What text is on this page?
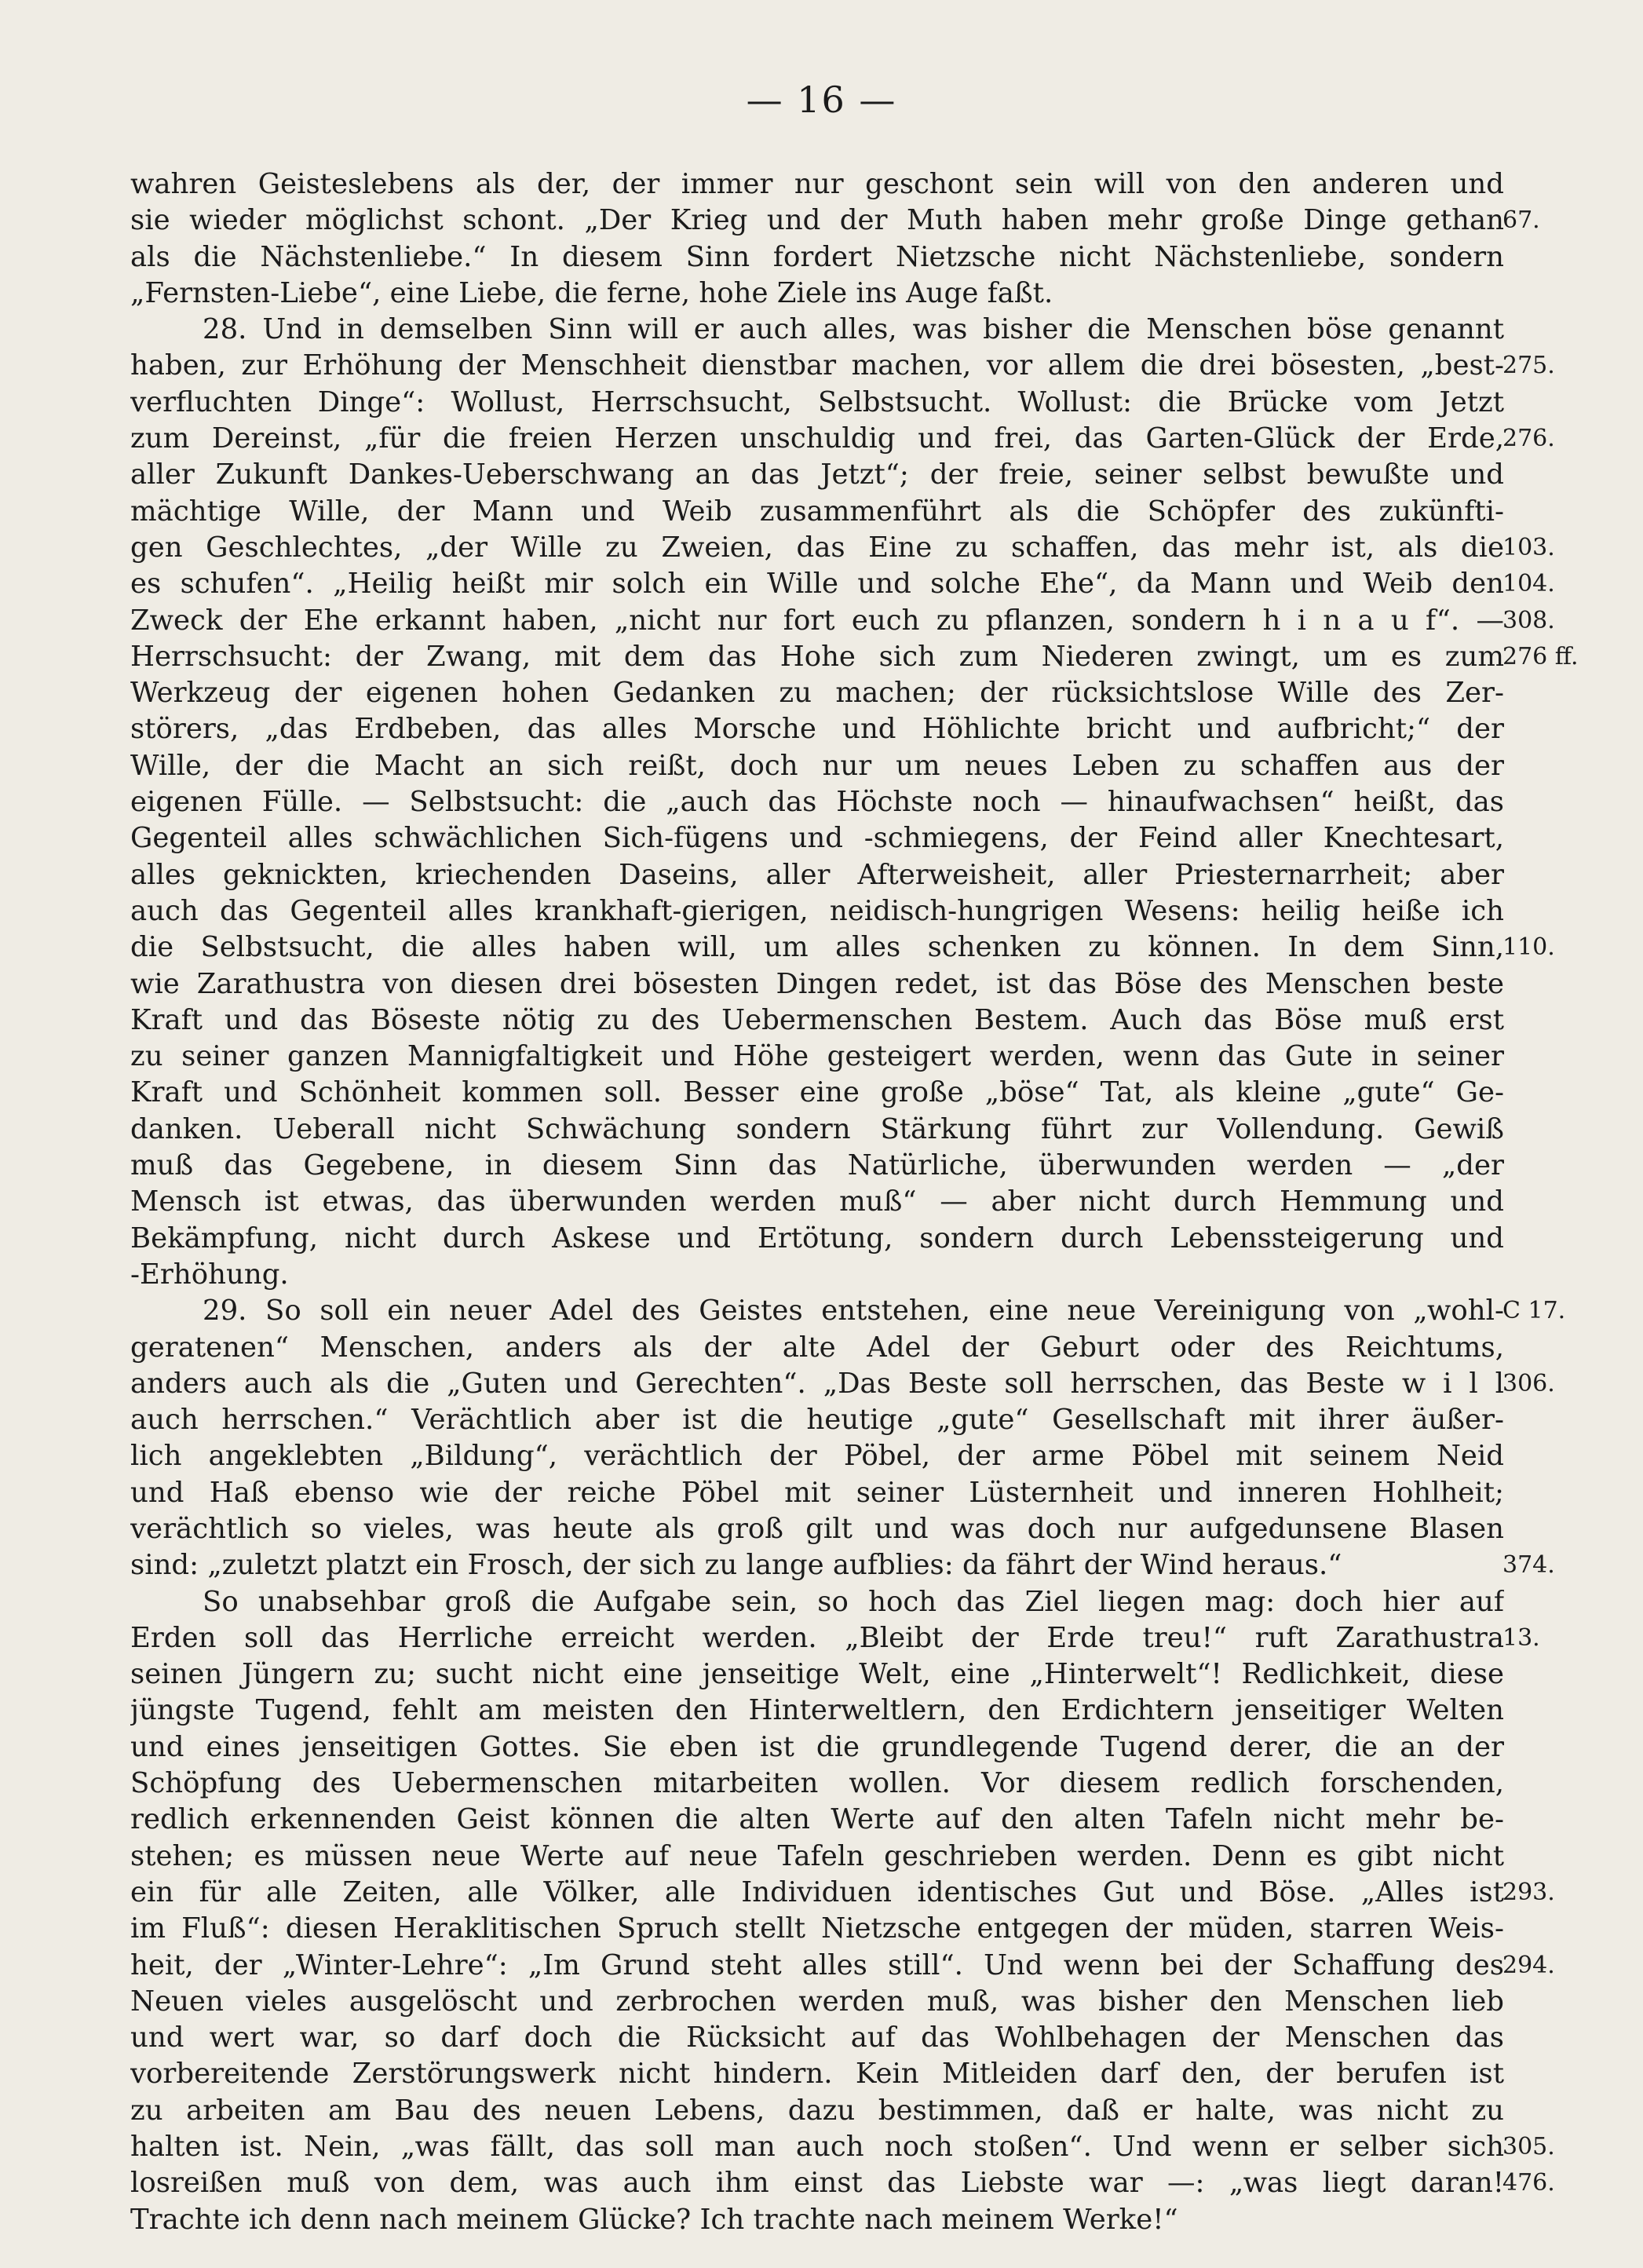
— 16 —
wahren Geisteslebens als der, der immer nur geschont sein will von den anderen und
sie wieder möglichst schont. „Der Krieg und der Muth haben mehr große Dinge gethan
als die Nächstenliebe.“ In diesem Sinn fordert Nietzsche nicht Nächstenliebe, sondern
„Fernsten-Liebe“, eine Liebe, die ferne, hohe Ziele ins Auge faßt.
28. Und in demselben Sinn will er auch alles, was bisher die Menschen böse genannt
haben, zur Erhöhung der Menschheit dienstbar machen, vor allem die drei bösesten, „best-
verfluchten Dinge“: Wollust, Herrschsucht, Selbstsucht. Wollust: die Brücke vom Jetzt
zum Dereinst, „für die freien Herzen unschuldig und frei, das Garten-Glück der Erde,
aller Zukunft Dankes-Ueberschwang an das Jetzt“; der freie, seiner selbst bewußte und
mächtige Wille, der Mann und Weib zusammenführt als die Schöpfer des zukünfti-
gen Geschlechtes, „der Wille zu Zweien, das Eine zu schaffen, das mehr ist, als die
es schufen“. „Heilig heißt mir solch ein Wille und solche Ehe“, da Mann und Weib den
Zweck der Ehe erkannt haben, „nicht nur fort euch zu pflanzen, sondern h i n a u f“. —
Herrschsucht: der Zwang, mit dem das Hohe sich zum Niederen zwingt, um es zum
Werkzeug der eigenen hohen Gedanken zu machen; der rücksichtslose Wille des Zer-
störers, „das Erdbeben, das alles Morsche und Höhlichte bricht und aufbricht;“ der
Wille, der die Macht an sich reißt, doch nur um neues Leben zu schaffen aus der
eigenen Fülle. — Selbstsucht: die „auch das Höchste noch — hinaufwachsen“ heißt, das
Gegenteil alles schwächlichen Sich-fügens und -schmiegens, der Feind aller Knechtesart,
alles geknickten, kriechenden Daseins, aller Afterweisheit, aller Priesternarrheit; aber
auch das Gegenteil alles krankhaft-gierigen, neidisch-hungrigen Wesens: heilig heiße ich
die Selbstsucht, die alles haben will, um alles schenken zu können. In dem Sinn,
wie Zarathustra von diesen drei bösesten Dingen redet, ist das Böse des Menschen beste
Kraft und das Böseste nötig zu des Uebermenschen Bestem. Auch das Böse muß erst
zu seiner ganzen Mannigfaltigkeit und Höhe gesteigert werden, wenn das Gute in seiner
Kraft und Schönheit kommen soll. Besser eine große „böse“ Tat, als kleine „gute“ Ge-
danken. Ueberall nicht Schwächung sondern Stärkung führt zur Vollendung. Gewiß
muß das Gegebene, in diesem Sinn das Natürliche, überwunden werden — „der
Mensch ist etwas, das überwunden werden muß“ — aber nicht durch Hemmung und
Bekämpfung, nicht durch Askese und Ertötung, sondern durch Lebenssteigerung und
-Erhöhung.
29. So soll ein neuer Adel des Geistes entstehen, eine neue Vereinigung von „wohl-
geratenen“ Menschen, anders als der alte Adel der Geburt oder des Reichtums,
anders auch als die „Guten und Gerechten“. „Das Beste soll herrschen, das Beste w i l l
auch herrschen.“ Verächtlich aber ist die heutige „gute“ Gesellschaft mit ihrer äußer-
lich angeklebten „Bildung“, verächtlich der Pöbel, der arme Pöbel mit seinem Neid
und Haß ebenso wie der reiche Pöbel mit seiner Lüsternheit und inneren Hohlheit;
verächtlich so vieles, was heute als groß gilt und was doch nur aufgedunsene Blasen
sind: „zuletzt platzt ein Frosch, der sich zu lange aufblies: da fährt der Wind heraus.“
So unabsehbar groß die Aufgabe sein, so hoch das Ziel liegen mag: doch hier auf
Erden soll das Herrliche erreicht werden. „Bleibt der Erde treu!“ ruft Zarathustra
seinen Jüngern zu; sucht nicht eine jenseitige Welt, eine „Hinterwelt“! Redlichkeit, diese
jüngste Tugend, fehlt am meisten den Hinterweltlern, den Erdichtern jenseitiger Welten
und eines jenseitigen Gottes. Sie eben ist die grundlegende Tugend derer, die an der
Schöpfung des Uebermenschen mitarbeiten wollen. Vor diesem redlich forschenden,
redlich erkennenden Geist können die alten Werte auf den alten Tafeln nicht mehr be-
stehen; es müssen neue Werte auf neue Tafeln geschrieben werden. Denn es gibt nicht
ein für alle Zeiten, alle Völker, alle Individuen identisches Gut und Böse. „Alles ist
im Fluß“: diesen Heraklitischen Spruch stellt Nietzsche entgegen der müden, starren Weis-
heit, der „Winter-Lehre“: „Im Grund steht alles still“. Und wenn bei der Schaffung des
Neuen vieles ausgelöscht und zerbrochen werden muß, was bisher den Menschen lieb
und wert war, so darf doch die Rücksicht auf das Wohlbehagen der Menschen das
vorbereitende Zerstörungswerk nicht hindern. Kein Mitleiden darf den, der berufen ist
zu arbeiten am Bau des neuen Lebens, dazu bestimmen, daß er halte, was nicht zu
halten ist. Nein, „was fällt, das soll man auch noch stoßen“. Und wenn er selber sich
losreißen muß von dem, was auch ihm einst das Liebste war —: „was liegt daran!
Trachte ich denn nach meinem Glücke? Ich trachte nach meinem Werke!“
67.
275.
276.
103.
104.
308.
276 ff.
110.
C 17.
306.
374.
13.
293.
294.
305.
476.
